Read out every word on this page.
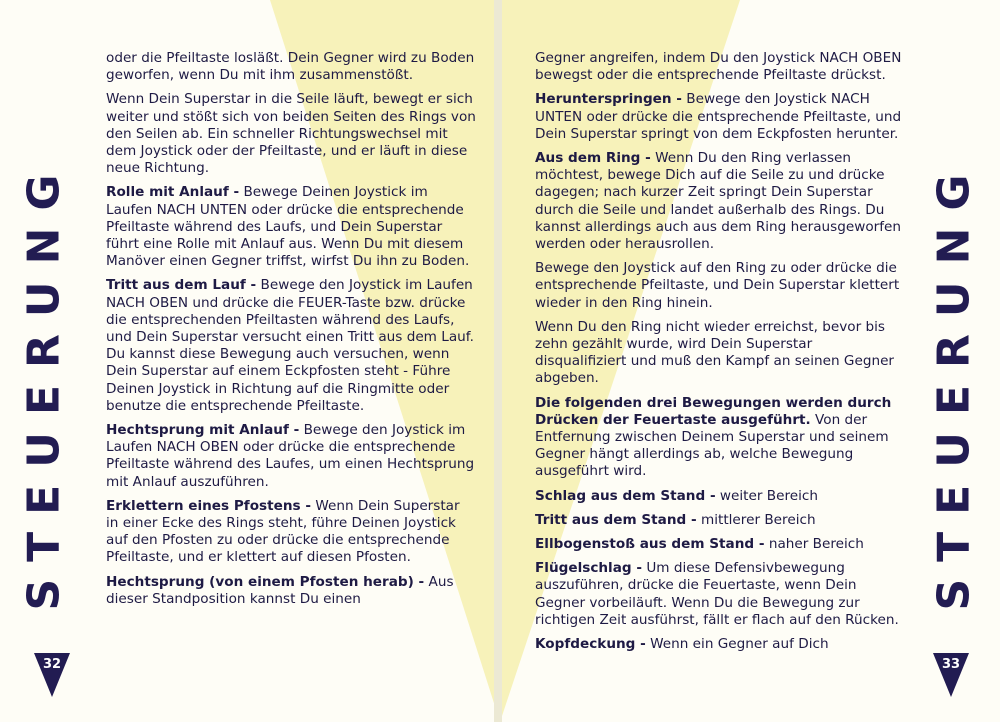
STEUERUNG

oder die Pfeiltaste losläßt. Dein Gegner wird zu Boden geworfen, wenn Du mit ihm zusammenstößt.

Wenn Dein Superstar in die Seile läuft, bewegt er sich weiter und stößt sich von beiden Seiten des Rings von den Seilen ab. Ein schneller Richtungswechsel mit dem Joystick oder der Pfeiltaste, und er läuft in diese neue Richtung.

Rolle mit Anlauf - Bewege Deinen Joystick im Laufen NACH UNTEN oder drücke die entsprechende Pfeiltaste während des Laufs, und Dein Superstar führt eine Rolle mit Anlauf aus. Wenn Du mit diesem Manöver einen Gegner triffst, wirfst Du ihn zu Boden.

Tritt aus dem Lauf - Bewege den Joystick im Laufen NACH OBEN und drücke die FEUER-Taste bzw. drücke die entsprechenden Pfeiltasten während des Laufs, und Dein Superstar versucht einen Tritt aus dem Lauf. Du kannst diese Bewegung auch versuchen, wenn Dein Superstar auf einem Eckpfosten steht - Führe Deinen Joystick in Richtung auf die Ringmitte oder benutze die entsprechende Pfeiltaste.

Hechtsprung mit Anlauf - Bewege den Joystick im Laufen NACH OBEN oder drücke die entsprechende Pfeiltaste während des Laufes, um einen Hechtsprung mit Anlauf auszuführen.

Erklettern eines Pfostens - Wenn Dein Superstar in einer Ecke des Rings steht, führe Deinen Joystick auf den Pfosten zu oder drücke die entsprechende Pfeiltaste, und er klettert auf diesen Pfosten.

Hechtsprung (von einem Pfosten herab) - Aus dieser Standposition kannst Du einen

32

Gegner angreifen, indem Du den Joystick NACH OBEN bewegst oder die entsprechende Pfeiltaste drückst.

Herunterspringen - Bewege den Joystick NACH UNTEN oder drücke die entsprechende Pfeiltaste, und Dein Superstar springt von dem Eckpfosten herunter.

Aus dem Ring - Wenn Du den Ring verlassen möchtest, bewege Dich auf die Seile zu und drücke dagegen; nach kurzer Zeit springt Dein Superstar durch die Seile und landet außerhalb des Rings. Du kannst allerdings auch aus dem Ring herausgeworfen werden oder herausrollen.

Bewege den Joystick auf den Ring zu oder drücke die entsprechende Pfeiltaste, und Dein Superstar klettert wieder in den Ring hinein.

Wenn Du den Ring nicht wieder erreichst, bevor bis zehn gezählt wurde, wird Dein Superstar disqualifiziert und muß den Kampf an seinen Gegner abgeben.

Die folgenden drei Bewegungen werden durch Drücken der Feuertaste ausgeführt. Von der Entfernung zwischen Deinem Superstar und seinem Gegner hängt allerdings ab, welche Bewegung ausgeführt wird.

Schlag aus dem Stand - weiter Bereich

Tritt aus dem Stand - mittlerer Bereich

Ellbogenstoß aus dem Stand - naher Bereich

Flügelschlag - Um diese Defensivbewegung auszuführen, drücke die Feuertaste, wenn Dein Gegner vorbeiläuft. Wenn Du die Bewegung zur richtigen Zeit ausführst, fällt er flach auf den Rücken.

Kopfdeckung - Wenn ein Gegner auf Dich

STEUERUNG
33
